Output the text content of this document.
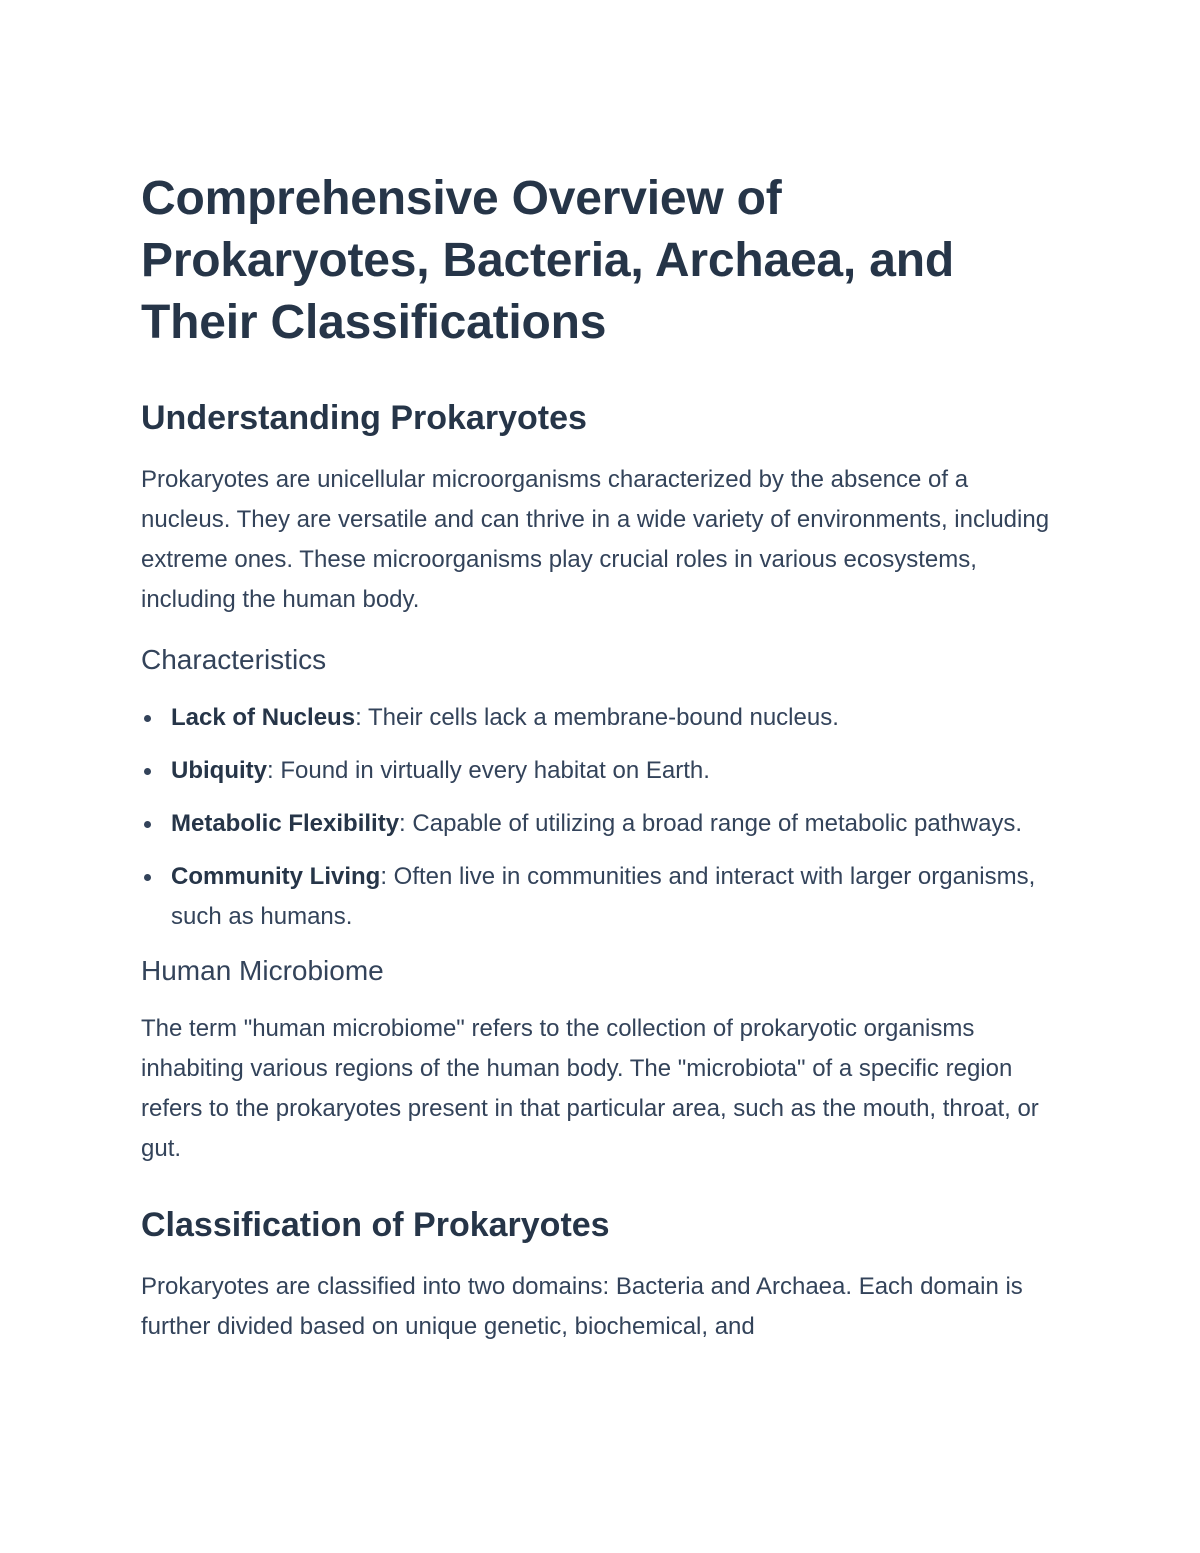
Comprehensive Overview of Prokaryotes, Bacteria, Archaea, and Their Classifications
Understanding Prokaryotes

Prokaryotes are unicellular microorganisms characterized by the absence of a nucleus. They are versatile and can thrive in a wide variety of environments, including extreme ones. These microorganisms play crucial roles in various ecosystems, including the human body.

Characteristics
Lack of Nucleus: Their cells lack a membrane-bound nucleus.
Ubiquity: Found in virtually every habitat on Earth.
Metabolic Flexibility: Capable of utilizing a broad range of metabolic pathways.
Community Living: Often live in communities and interact with larger organisms, such as humans.
Human Microbiome

The term "human microbiome" refers to the collection of prokaryotic organisms inhabiting various regions of the human body. The "microbiota" of a specific region refers to the prokaryotes present in that particular area, such as the mouth, throat, or gut.

Classification of Prokaryotes

Prokaryotes are classified into two domains: Bacteria and Archaea. Each domain is further divided based on unique genetic, biochemical, and
